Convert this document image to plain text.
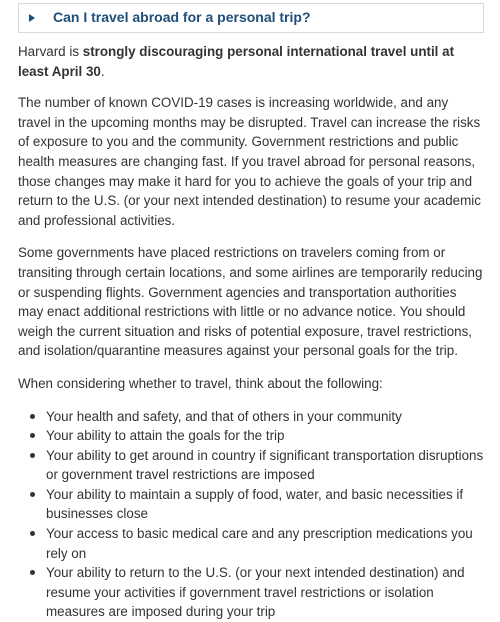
Can I travel abroad for a personal trip?

Harvard is strongly discouraging personal international travel until at least April 30.

The number of known COVID-19 cases is increasing worldwide, and any travel in the upcoming months may be disrupted. Travel can increase the risks of exposure to you and the community. Government restrictions and public health measures are changing fast. If you travel abroad for personal reasons, those changes may make it hard for you to achieve the goals of your trip and return to the U.S. (or your next intended destination) to resume your academic and professional activities.

Some governments have placed restrictions on travelers coming from or transiting through certain locations, and some airlines are temporarily reducing or suspending flights. Government agencies and transportation authorities may enact additional restrictions with little or no advance notice. You should weigh the current situation and risks of potential exposure, travel restrictions, and isolation/quarantine measures against your personal goals for the trip.

When considering whether to travel, think about the following:

Your health and safety, and that of others in your community
Your ability to attain the goals for the trip
Your ability to get around in country if significant transportation disruptions or government travel restrictions are imposed
Your ability to maintain a supply of food, water, and basic necessities if businesses close
Your access to basic medical care and any prescription medications you rely on
Your ability to return to the U.S. (or your next intended destination) and resume your activities if government travel restrictions or isolation measures are imposed during your trip
